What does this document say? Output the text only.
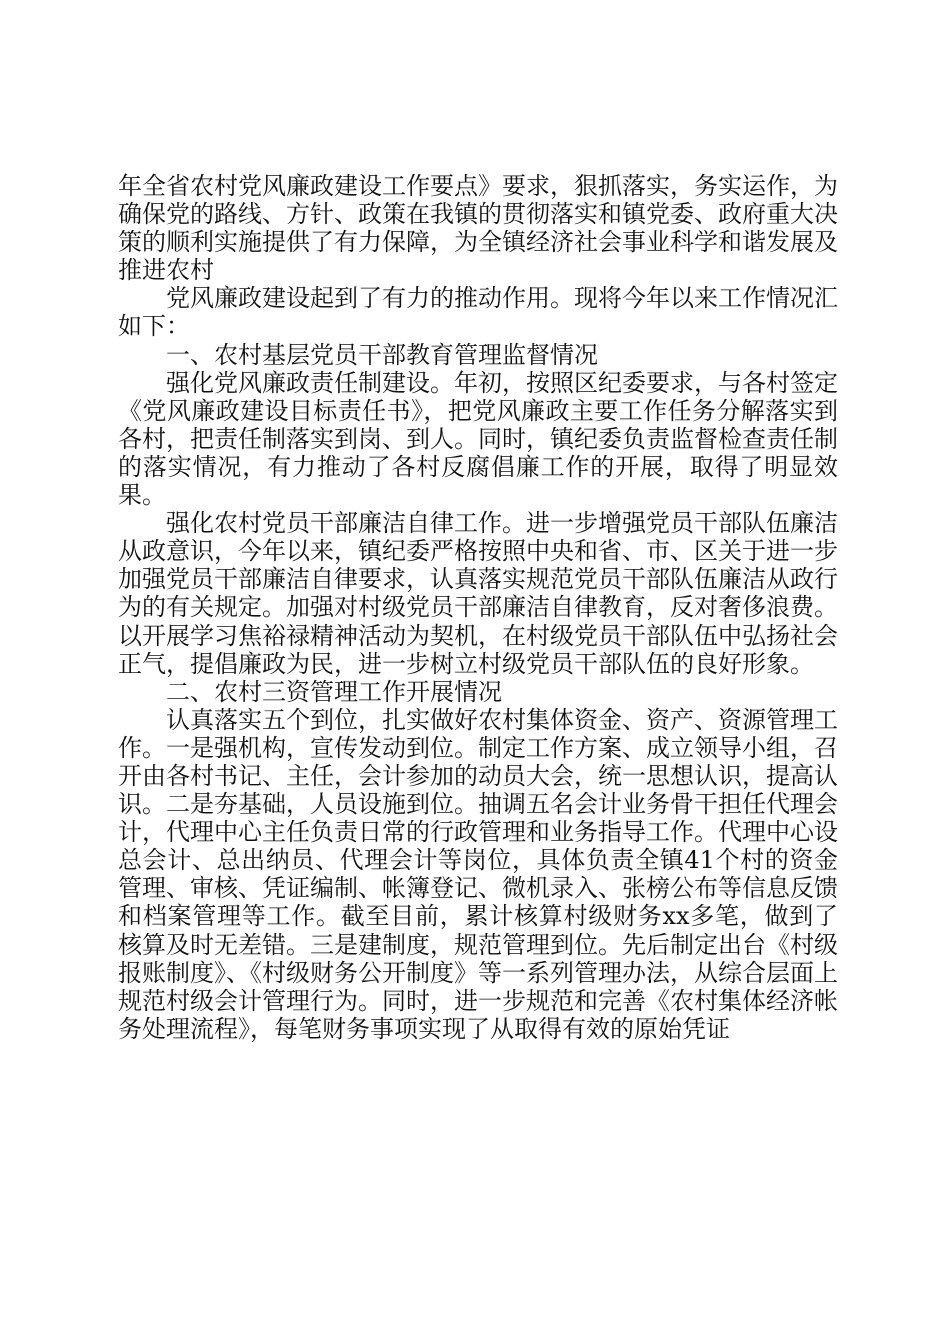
年全省农村党风廉政建设工作要点》要求，狠抓落实，务实运作，为确保党的路线、方针、政策在我镇的贯彻落实和镇党委、政府重大决策的顺利实施提供了有力保障，为全镇经济社会事业科学和谐发展及推进农村

党风廉政建设起到了有力的推动作用。现将今年以来工作情况汇如下：

一、农村基层党员干部教育管理监督情况

强化党风廉政责任制建设。年初，按照区纪委要求，与各村签定《党风廉政建设目标责任书》，把党风廉政主要工作任务分解落实到各村，把责任制落实到岗、到人。同时，镇纪委负责监督检查责任制的落实情况，有力推动了各村反腐倡廉工作的开展，取得了明显效果。

强化农村党员干部廉洁自律工作。进一步增强党员干部队伍廉洁从政意识，今年以来，镇纪委严格按照中央和省、市、区关于进一步加强党员干部廉洁自律要求，认真落实规范党员干部队伍廉洁从政行为的有关规定。加强对村级党员干部廉洁自律教育，反对奢侈浪费。以开展学习焦裕禄精神活动为契机，在村级党员干部队伍中弘扬社会正气，提倡廉政为民，进一步树立村级党员干部队伍的良好形象。

二、农村三资管理工作开展情况

认真落实五个到位，扎实做好农村集体资金、资产、资源管理工作。一是强机构，宣传发动到位。制定工作方案、成立领导小组，召开由各村书记、主任，会计参加的动员大会，统一思想认识，提高认识。二是夯基础，人员设施到位。抽调五名会计业务骨干担任代理会计，代理中心主任负责日常的行政管理和业务指导工作。代理中心设总会计、总出纳员、代理会计等岗位，具体负责全镇41个村的资金管理、审核、凭证编制、帐簿登记、微机录入、张榜公布等信息反馈和档案管理等工作。截至目前，累计核算村级财务xx多笔，做到了核算及时无差错。三是建制度，规范管理到位。先后制定出台《村级报账制度》、《村级财务公开制度》等一系列管理办法，从综合层面上规范村级会计管理行为。同时，进一步规范和完善《农村集体经济帐务处理流程》，每笔财务事项实现了从取得有效的原始凭证
